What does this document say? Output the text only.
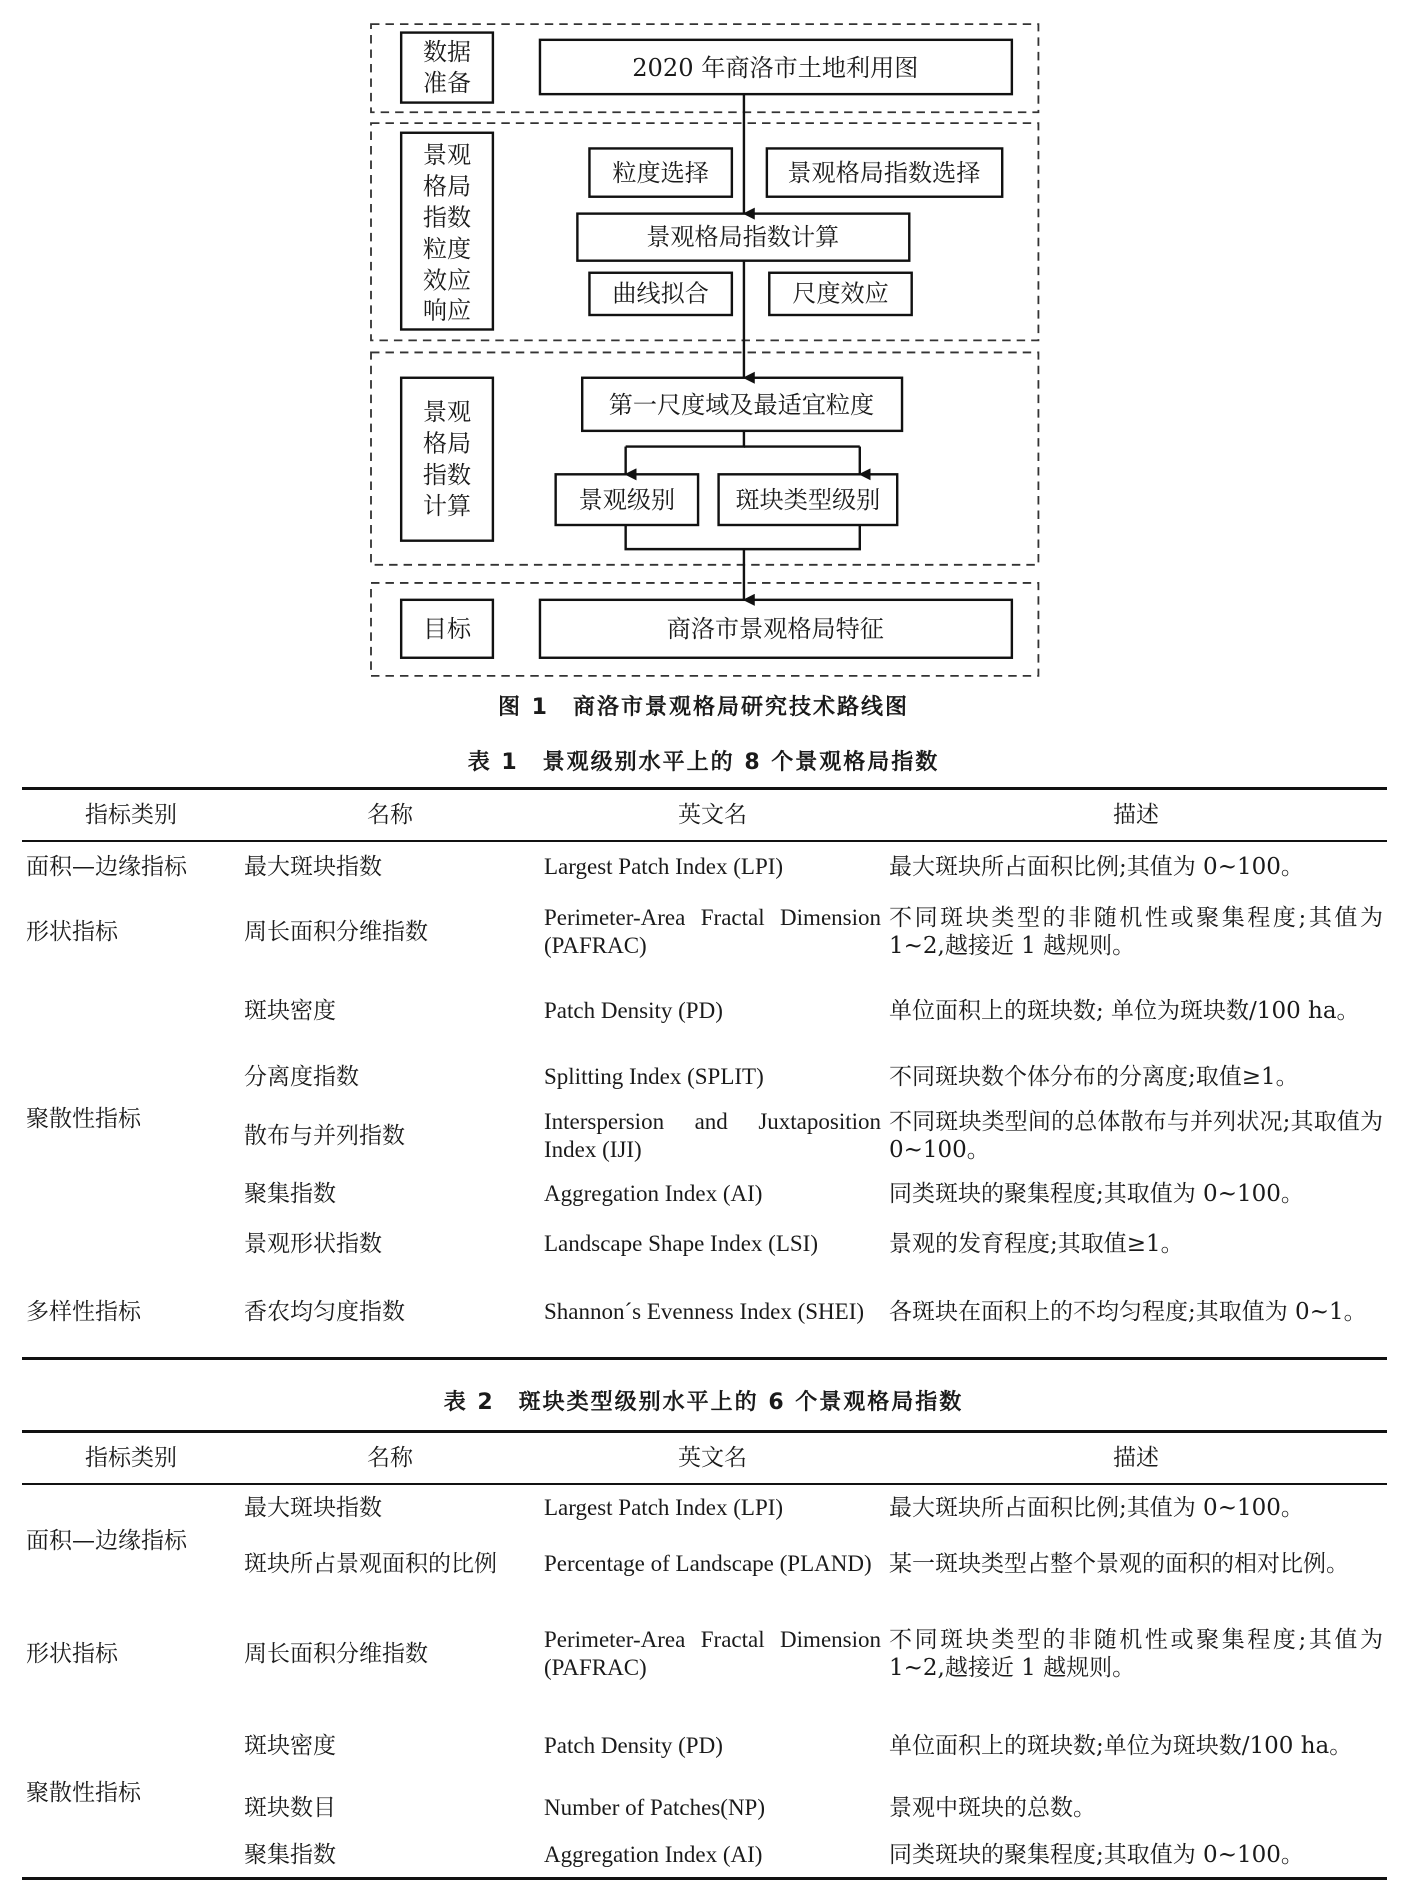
2020 年商洛市土地利用图
景观
格局
指数
粒度
效应
响应
粒度选择	景观格局指数选择
景观格局指数计算
曲线拟合	尺度效应
景观
格局
指数
计算
第一尺度域及最适宜粒度
景观级别	斑块类型级别
目标	商洛市景观格局特征
数据准备
图 1　商洛市景观格局研究技术路线图
表 1　景观级别水平上的 8 个景观格局指数
指标类别	名称	英文名	描述
面积—边缘指标	最大斑块指数	Largest Patch Index (LPI)	最大斑块所占面积比例;其值为 0~100。
形状指标	周长面积分维指数	Perimeter-Area Fractal Dimension (PAFRAC)	不同斑块类型的非随机性或聚集程度;其值为 1~2,越接近 1 越规则。
聚散性指标	斑块密度	Patch Density (PD)	单位面积上的斑块数; 单位为斑块数/100 ha。
	分离度指数	Splitting Index (SPLIT)	不同斑块数个体分布的分离度;取值≥1。
	散布与并列指数	Interspersion and Juxtaposition Index (IJI)	不同斑块类型间的总体散布与并列状况;其取值为 0~100。
	聚集指数	Aggregation Index (AI)	同类斑块的聚集程度;其取值为 0~100。
	景观形状指数	Landscape Shape Index (LSI)	景观的发育程度;其取值≥1。
多样性指标	香农均匀度指数	Shannon´s Evenness Index (SHEI)	各斑块在面积上的不均匀程度;其取值为 0~1。
表 2　斑块类型级别水平上的 6 个景观格局指数
指标类别	名称	英文名	描述
面积—边缘指标	最大斑块指数	Largest Patch Index (LPI)	最大斑块所占面积比例;其值为 0~100。
	斑块所占景观面积的比例	Percentage of Landscape (PLAND)	某一斑块类型占整个景观的面积的相对比例。
形状指标	周长面积分维指数	Perimeter-Area Fractal Dimension (PAFRAC)	不同斑块类型的非随机性或聚集程度;其值为 1~2,越接近 1 越规则。
聚散性指标	斑块密度	Patch Density (PD)	单位面积上的斑块数;单位为斑块数/100 ha。
	斑块数目	Number of Patches(NP)	景观中斑块的总数。
	聚集指数	Aggregation Index (AI)	同类斑块的聚集程度;其取值为 0~100。
